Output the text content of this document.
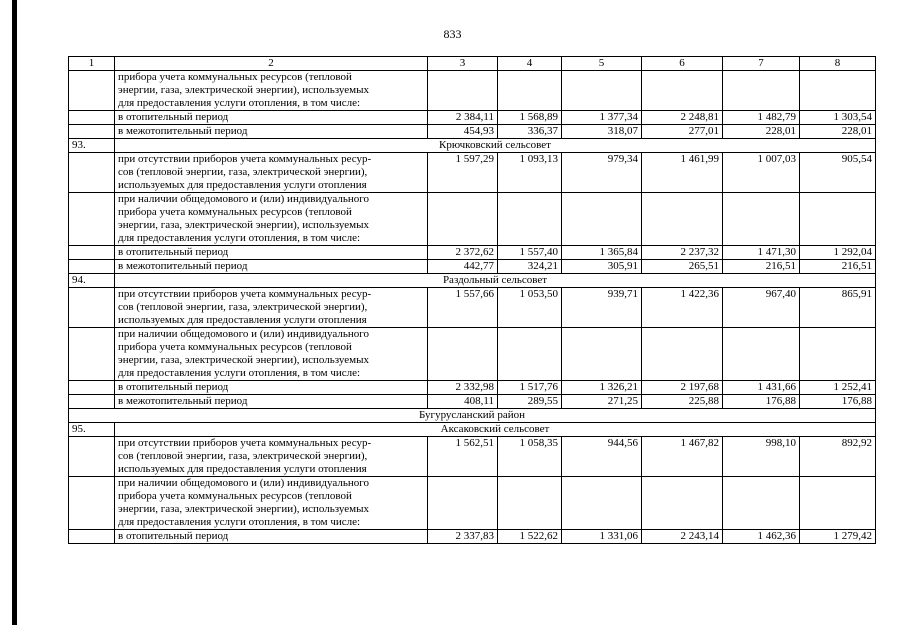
833
1	2	3	4	5	6	7	8

	прибора учета коммунальных ресурсов (тепловой
энергии, газа, электрической энергии), используемых
для предоставления услуги отопления, в том числе:						

	в отопительный период	2 384,11	1 568,89	1 377,34	2 248,81	1 482,79	1 303,54

	в межотопительный период	454,93	336,37	318,07	277,01	228,01	228,01
93.	Крючковский сельсовет						

	при отсутствии приборов учета коммунальных ресур-
сов (тепловой энергии, газа, электрической энергии),
используемых для предоставления услуги отопления	1 597,29	1 093,13	979,34	1 461,99	1 007,03	905,54

	при наличии общедомового и (или) индивидуального
прибора учета коммунальных ресурсов (тепловой
энергии, газа, электрической энергии), используемых
для предоставления услуги отопления, в том числе:						

	в отопительный период	2 372,62	1 557,40	1 365,84	2 237,32	1 471,30	1 292,04

	в межотопительный период	442,77	324,21	305,91	265,51	216,51	216,51
94.	Раздольный сельсовет						

	при отсутствии приборов учета коммунальных ресур-
сов (тепловой энергии, газа, электрической энергии),
используемых для предоставления услуги отопления	1 557,66	1 053,50	939,71	1 422,36	967,40	865,91

	при наличии общедомового и (или) индивидуального
прибора учета коммунальных ресурсов (тепловой
энергии, газа, электрической энергии), используемых
для предоставления услуги отопления, в том числе:						

	в отопительный период	2 332,98	1 517,76	1 326,21	2 197,68	1 431,66	1 252,41

	в межотопительный период	408,11	289,55	271,25	225,88	176,88	176,88
Бугурусланский район							
95.	Аксаковский сельсовет						

	при отсутствии приборов учета коммунальных ресур-
сов (тепловой энергии, газа, электрической энергии),
используемых для предоставления услуги отопления	1 562,51	1 058,35	944,56	1 467,82	998,10	892,92

	при наличии общедомового и (или) индивидуального
прибора учета коммунальных ресурсов (тепловой
энергии, газа, электрической энергии), используемых
для предоставления услуги отопления, в том числе:						

	в отопительный период	2 337,83	1 522,62	1 331,06	2 243,14	1 462,36	1 279,42
